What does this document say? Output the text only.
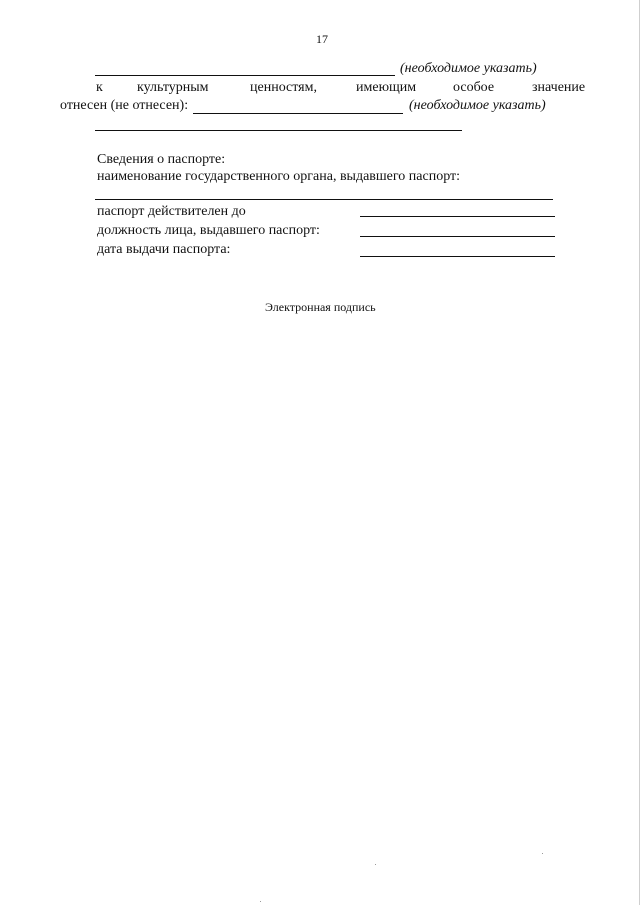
17
(необходимое указать)
к культурным	ценностям,	имеющим	особое	значение
отнесен (не отнесен):	(необходимое указать)
Сведения о паспорте:
наименование государственного органа, выдавшего паспорт:
паспорт действителен до
должность лица, выдавшего паспорт:
дата выдачи паспорта:
Электронная подпись
